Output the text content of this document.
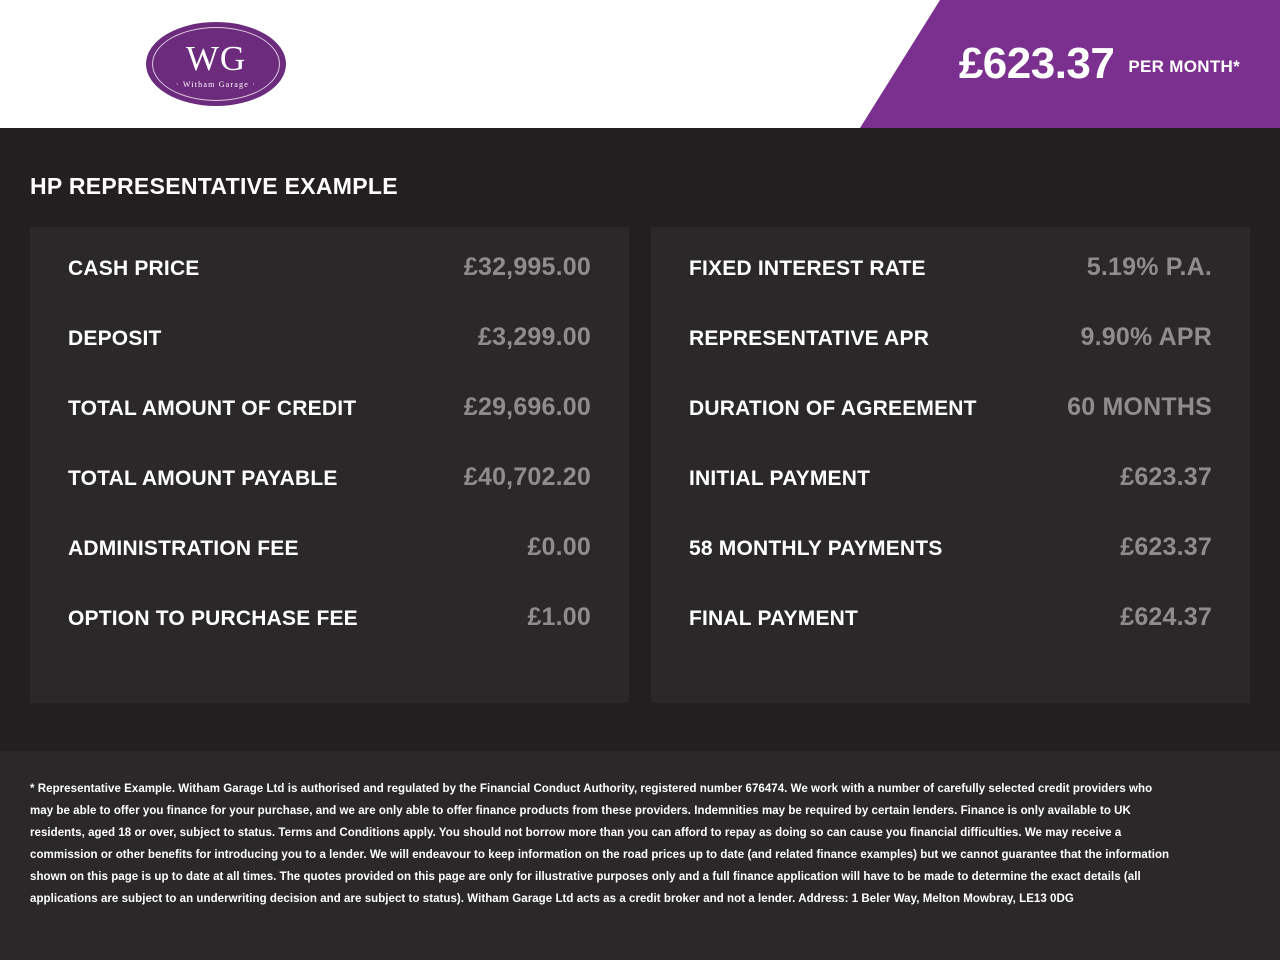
WG
· Witham Garage ·	£623.37 PER MONTH*
HP REPRESENTATIVE EXAMPLE
CASH PRICE	£32,995.00
DEPOSIT	£3,299.00
TOTAL AMOUNT OF CREDIT	£29,696.00
TOTAL AMOUNT PAYABLE	£40,702.20
ADMINISTRATION FEE	£0.00
OPTION TO PURCHASE FEE	£1.00
FIXED INTEREST RATE	5.19% P.A.
REPRESENTATIVE APR	9.90% APR
DURATION OF AGREEMENT	60 MONTHS
INITIAL PAYMENT	£623.37
58 MONTHLY PAYMENTS	£623.37
FINAL PAYMENT	£624.37

* Representative Example. Witham Garage Ltd is authorised and regulated by the Financial Conduct Authority, registered number 676474. We work with a number of carefully selected credit providers who may be able to offer you finance for your purchase, and we are only able to offer finance products from these providers. Indemnities may be required by certain lenders. Finance is only available to UK residents, aged 18 or over, subject to status. Terms and Conditions apply. You should not borrow more than you can afford to repay as doing so can cause you financial difficulties. We may receive a commission or other benefits for introducing you to a lender. We will endeavour to keep information on the road prices up to date (and related finance examples) but we cannot guarantee that the information shown on this page is up to date at all times. The quotes provided on this page are only for illustrative purposes only and a full finance application will have to be made to determine the exact details (all applications are subject to an underwriting decision and are subject to status). Witham Garage Ltd acts as a credit broker and not a lender. Address: 1 Beler Way, Melton Mowbray, LE13 0DG
